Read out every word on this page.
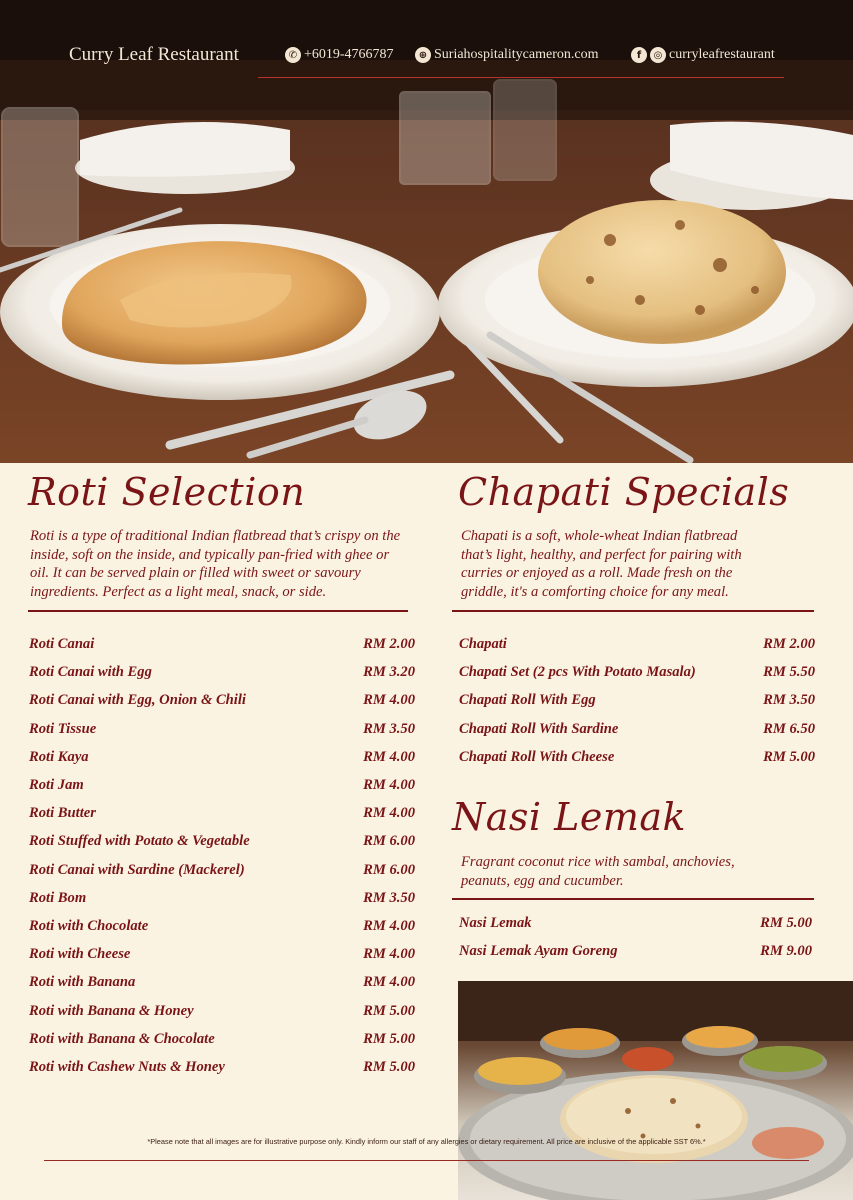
Curry Leaf Restaurant	✆ +6019-4766787	⊕ Suriahospitalitycameron.com	f	◎ curryleafrestaurant
Roti Selection
Roti is a type of traditional Indian flatbread that’s crispy on the
inside, soft on the inside, and typically pan-fried with ghee or
oil. It can be served plain or filled with sweet or savoury
ingredients. Perfect as a light meal, snack, or side.
Roti Canai	RM 2.00
Roti Canai with Egg	RM 3.20
Roti Canai with Egg, Onion & Chili	RM 4.00
Roti Tissue	RM 3.50
Roti Kaya	RM 4.00
Roti Jam	RM 4.00
Roti Butter	RM 4.00
Roti Stuffed with Potato & Vegetable	RM 6.00
Roti Canai with Sardine (Mackerel)	RM 6.00
Roti Bom	RM 3.50
Roti with Chocolate	RM 4.00
Roti with Cheese	RM 4.00
Roti with Banana	RM 4.00
Roti with Banana & Honey	RM 5.00
Roti with Banana & Chocolate	RM 5.00
Roti with Cashew Nuts & Honey	RM 5.00
Chapati Specials
Chapati is a soft, whole-wheat Indian flatbread
that’s light, healthy, and perfect for pairing with
curries or enjoyed as a roll. Made fresh on the
griddle, it's a comforting choice for any meal.
Chapati	RM 2.00
Chapati Set (2 pcs With Potato Masala)	RM 5.50
Chapati Roll With Egg	RM 3.50
Chapati Roll With Sardine	RM 6.50
Chapati Roll With Cheese	RM 5.00
Nasi Lemak
Fragrant coconut rice with sambal, anchovies,
peanuts, egg and cucumber.
Nasi Lemak	RM 5.00
Nasi Lemak Ayam Goreng	RM 9.00
*Please note that all images are for illustrative purpose only. Kindly inform our staff of any allergies or dietary requirement. All price are inclusive of the applicable SST 6%.*
